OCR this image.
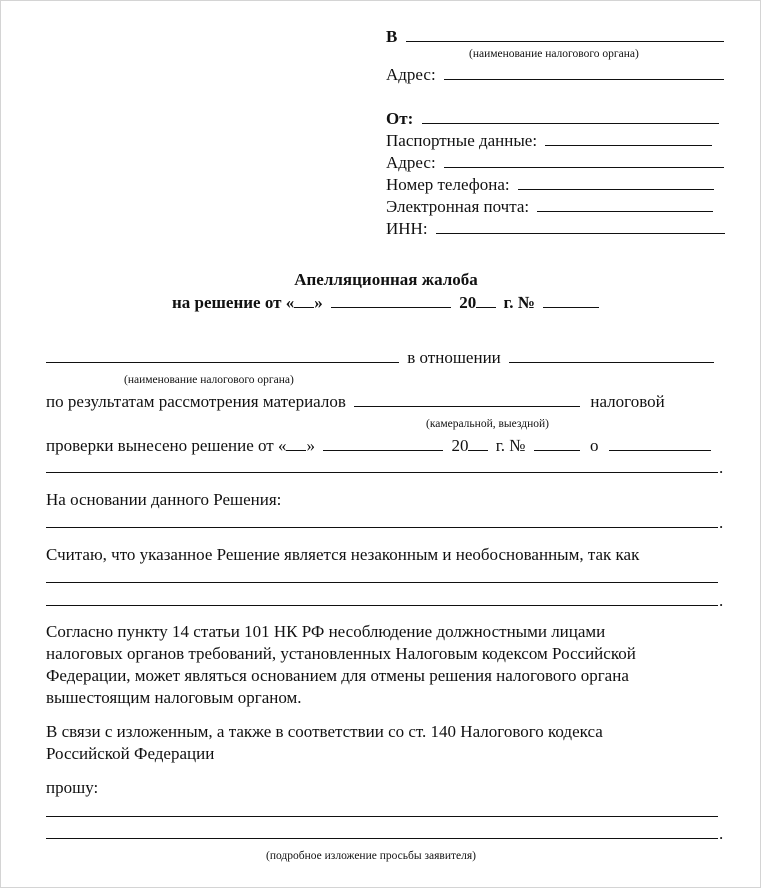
В
(наименование налогового органа)
Адрес:
От:
Паспортные данные:
Адрес:
Номер телефона:
Электронная почта:
ИНН:
Апелляционная жалоба
на решение от « »	20 г. №
в отношении
(наименование налогового органа)
по результатам рассмотрения материалов	налоговой
(камеральной, выездной)
проверки вынесено решение от « »	20 г. №	о
.
На основании данного Решения:
.
Считаю, что указанное Решение является незаконным и необоснованным, так как
.
Согласно пункту 14 статьи 101 НК РФ несоблюдение должностными лицами
налоговых органов требований, установленных Налоговым кодексом Российской
Федерации, может являться основанием для отмены решения налогового органа
вышестоящим налоговым органом.
В связи с изложенным, а также в соответствии со ст. 140 Налогового кодекса
Российской Федерации
прошу:
.
(подробное изложение просьбы заявителя)
